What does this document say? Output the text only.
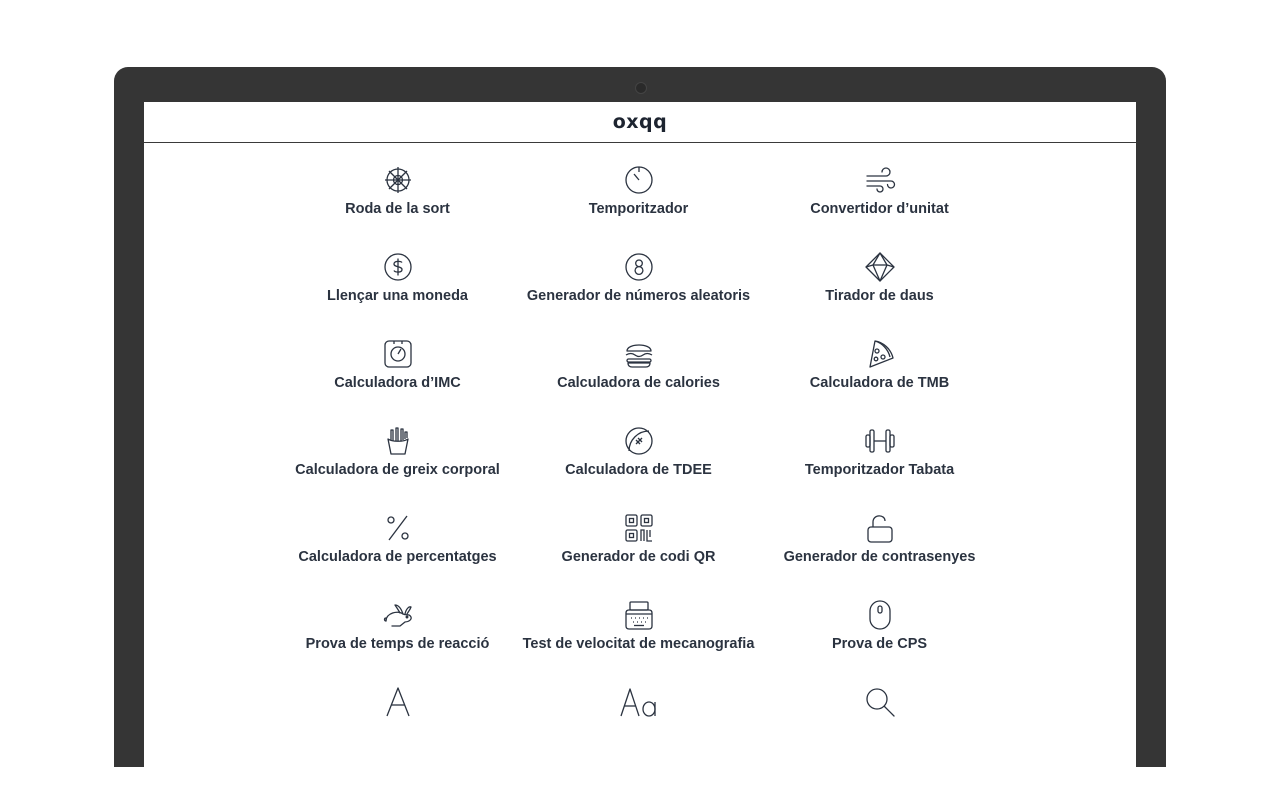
oxqq
Roda de la sort	Temporitzador	Convertidor d’unitat
Llençar una moneda	Generador de números aleatoris	Tirador de daus
Calculadora d’IMC	Calculadora de calories	Calculadora de TMB
Calculadora de greix corporal	Calculadora de TDEE	Temporitzador Tabata
Calculadora de percentatges	Generador de codi QR	Generador de contrasenyes
Prova de temps de reacció Test de velocitat de mecanografia	Prova de CPS
